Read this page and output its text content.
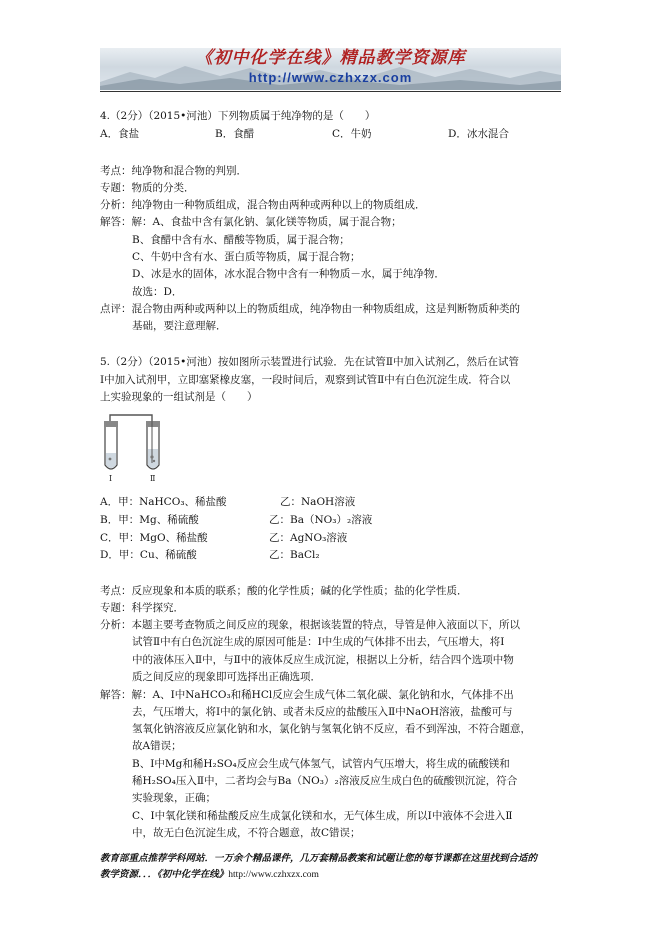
《初中化学在线》精品教学资源库
http://www.czhxzx.com
4.（2分）（2015•河池）下列物质属于纯净物的是（　　）
A．食盐	B．食醋	C．牛奶	D．冰水混合
考点：纯净物和混合物的判别．
专题：物质的分类．
分析：纯净物由一种物质组成，混合物由两种或两种以上的物质组成．
解答：解：A、食盐中含有氯化钠、氯化镁等物质，属于混合物；
B、食醋中含有水、醋酸等物质，属于混合物；
C、牛奶中含有水、蛋白质等物质，属于混合物；
D、冰是水的固体，冰水混合物中含有一种物质－水，属于纯净物．
故选：D．
点评：混合物由两种或两种以上的物质组成，纯净物由一种物质组成，这是判断物质种类的
基础，要注意理解．
5.（2分）（2015•河池）按如图所示装置进行试验．先在试管Ⅱ中加入试剂乙，然后在试管
Ⅰ中加入试剂甲，立即塞紧橡皮塞，一段时间后，观察到试管Ⅱ中有白色沉淀生成．符合以
上实验现象的一组试剂是（　　）
Ⅰ	Ⅱ
A．甲：NaHCO₃、稀盐酸	乙：NaOH溶液
B．甲：Mg、稀硫酸	乙：Ba（NO₃）₂溶液
C．甲：MgO、稀盐酸	乙：AgNO₃溶液
D．甲：Cu、稀硫酸	乙：BaCl₂
考点：反应现象和本质的联系；酸的化学性质；碱的化学性质；盐的化学性质．
专题：科学探究．
分析：本题主要考查物质之间反应的现象，根据该装置的特点，导管是伸入液面以下，所以
试管Ⅱ中有白色沉淀生成的原因可能是：Ⅰ中生成的气体排不出去，气压增大，将Ⅰ
中的液体压入Ⅱ中，与Ⅱ中的液体反应生成沉淀，根据以上分析，结合四个选项中物
质之间反应的现象即可选择出正确选项．
解答：解：A、Ⅰ中NaHCO₃和稀HCl反应会生成气体二氧化碳、氯化钠和水，气体排不出
去，气压增大，将Ⅰ中的氯化钠、或者未反应的盐酸压入Ⅱ中NaOH溶液，盐酸可与
氢氧化钠溶液反应氯化钠和水，氯化钠与氢氧化钠不反应，看不到浑浊，不符合题意，
故A错误；
B、Ⅰ中Mg和稀H₂SO₄反应会生成气体氢气，试管内气压增大，将生成的硫酸镁和
稀H₂SO₄压入Ⅱ中，二者均会与Ba（NO₃）₂溶液反应生成白色的硫酸钡沉淀，符合
实验现象，正确；
C、Ⅰ中氧化镁和稀盐酸反应生成氯化镁和水，无气体生成，所以Ⅰ中液体不会进入Ⅱ
中，故无白色沉淀生成，不符合题意，故C错误；
教育部重点推荐学科网站．一万余个精品课件，几万套精品教案和试题让您的每节课都在这里找到合适的
教学资源．．．《初中化学在线》http://www.czhxzx.com
